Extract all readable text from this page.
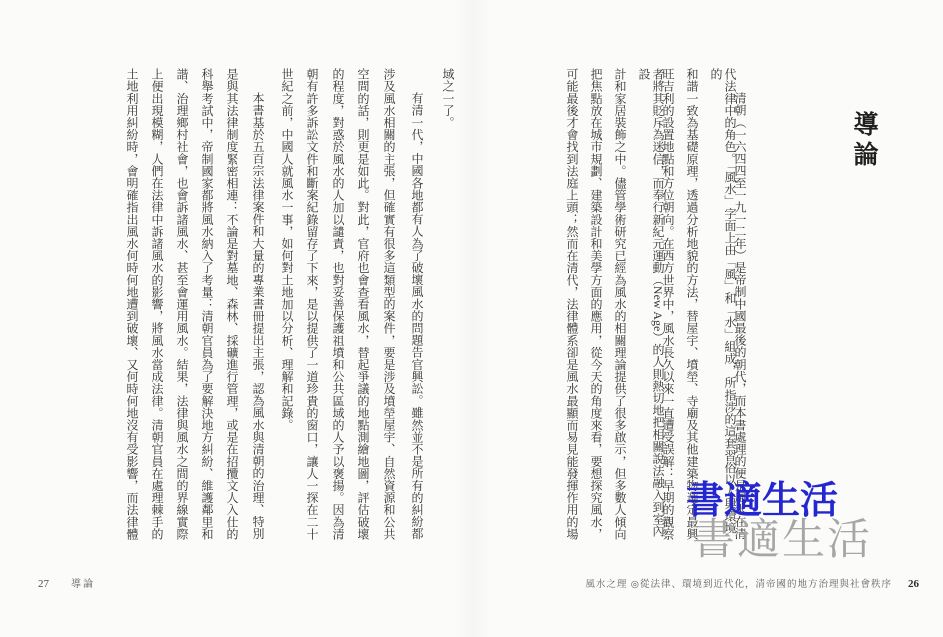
域之一了。
有清一代，中國各地都有人為了破壞風水的問題告官興訟。雖然並不是所有的糾紛都
涉及風水相關的主張，但確實有很多這類型的案件，要是涉及墳塋屋宇、自然資源和公共
空間的話，則更是如此。對此，官府也會查看風水，替起爭議的地點測繪地圖，評估破壞
的程度，對惑於風水的人加以譴責，也對妥善保護祖墳和公共區域的人予以褒揚。因為清
朝有許多訴訟文件和斷案紀錄留存了下來，是以提供了一道珍貴的窗口，讓人一探在二十
世紀之前，中國人就風水一事，如何對土地加以分析、理解和記錄。
本書基於五百宗法律案件和大量的專業書冊提出主張，認為風水與清朝的治理、特別
是與其法律制度緊密相連：不論是對墓地、森林、採礦進行管理，或是在招攬文人入仕的
科舉考試中，帝制國家都將風水納入了考量：清朝官員為了要解決地方糾紛、維護鄰里和
諧、治理鄉村社會，也會訴諸風水、甚至會運用風水。結果，法律與風水之間的界線實際
上便出現模糊，人們在法律中訴諸風水的影響，將風水當成法律。清朝官員在處理棘手的
土地利用糾紛時，會明確指出風水何時何地遭到破壞、又何時何地沒有受影響，而法律體
27 導論
導論
清朝（一六四四至一九一二年）是帝制中國最後的朝代，而本書處理的便是風水在清
代法律中的角色。「風水」字面上由「風」和「水」組成，所指涉的這套習俗以人與環境的
和諧一致為基礎原理，透過分析地貌的方法，替屋宇、墳塋、寺廟及其他建築物選定最興
旺吉利的設置地點和方位朝向。在西方世界中，風水長久以來一直遭受誤解：早期的觀察
者將其貶斥為迷信，而奉行新紀元運動（New Age）的人則熱切地把相關說法融入到室內設
計和家居裝飾之中。儘管學術研究已經為風水的相關理論提供了很多啟示，但多數人傾向
把焦點放在城市規劃、建築設計和美學方面的應用，從今天的角度來看，要想探究風水，
可能最後才會找到法庭上頭；然而在清代，法律體系卻是風水最顯而易見能發揮作用的場
風水之理 ◎從法律、環境到近代化，清帝國的地方治理與社會秩序 26
書適生活
書適生活
